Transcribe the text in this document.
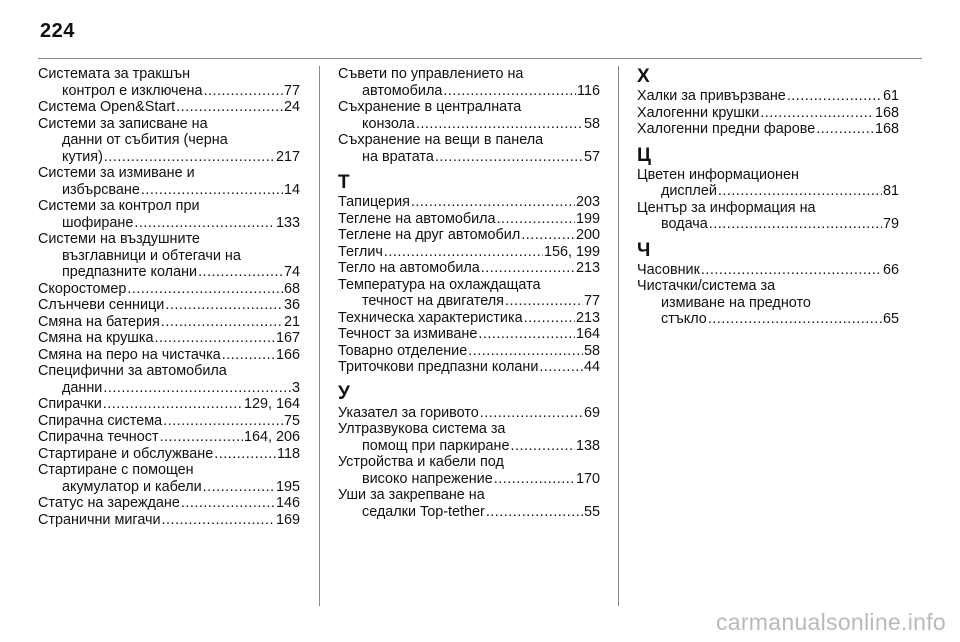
224
Системата за тракшън
контрол е изключена .....	77
Система Open&Start .....	24
Системи за записване на
данни от събития (черна
кутия) .....	217
Системи за измиване и
избърсване .....	14
Системи за контрол при
шофиране .....	133
Системи на въздушните
възглавници и обтегачи на
предпазните колани .....	74
Скоростомер .....	68
Слънчеви сенници .....	36
Смяна на батерия .....	21
Смяна на крушка .....	167
Смяна на перо на чистачка .....	166
Специфични за автомобила
данни .....	3
Спирачки .....	129, 164
Спирачна система .....	75
Спирачна течност .....	164, 206
Стартиране и обслужване .....	118
Стартиране с помощен
акумулатор и кабели .....	195
Статус на зареждане .....	146
Странични мигачи .....	169
Съвети по управлението на
автомобила .....	116
Съхранение в централната
конзола .....	58
Съхранение на вещи в панела
на вратата .....	57
Т
Тапицерия .....	203
Теглене на автомобила .....	199
Теглене на друг автомобил .....	200
Теглич .....	156, 199
Тегло на автомобила .....	213
Температура на охлаждащата
течност на двигателя .....	77
Техническа характеристика .....	213
Течност за измиване .....	164
Товарно отделение .....	58
Триточкови предпазни колани .....	44
У
Указател за горивото .....	69
Ултразвукова система за
помощ при паркиране .....	138
Устройства и кабели под
високо напрежение .....	170
Уши за закрепване на
седалки Top-tether .....	55
Х
Халки за привързване .....	61
Халогенни крушки .....	168
Халогенни предни фарове .....	168
Ц
Цветен информационен
дисплей .....	81
Център за информация на
водача .....	79
Ч
Часовник .....	66
Чистачки/система за
измиване на предното
стъкло .....	65
carmanualsonline.info
